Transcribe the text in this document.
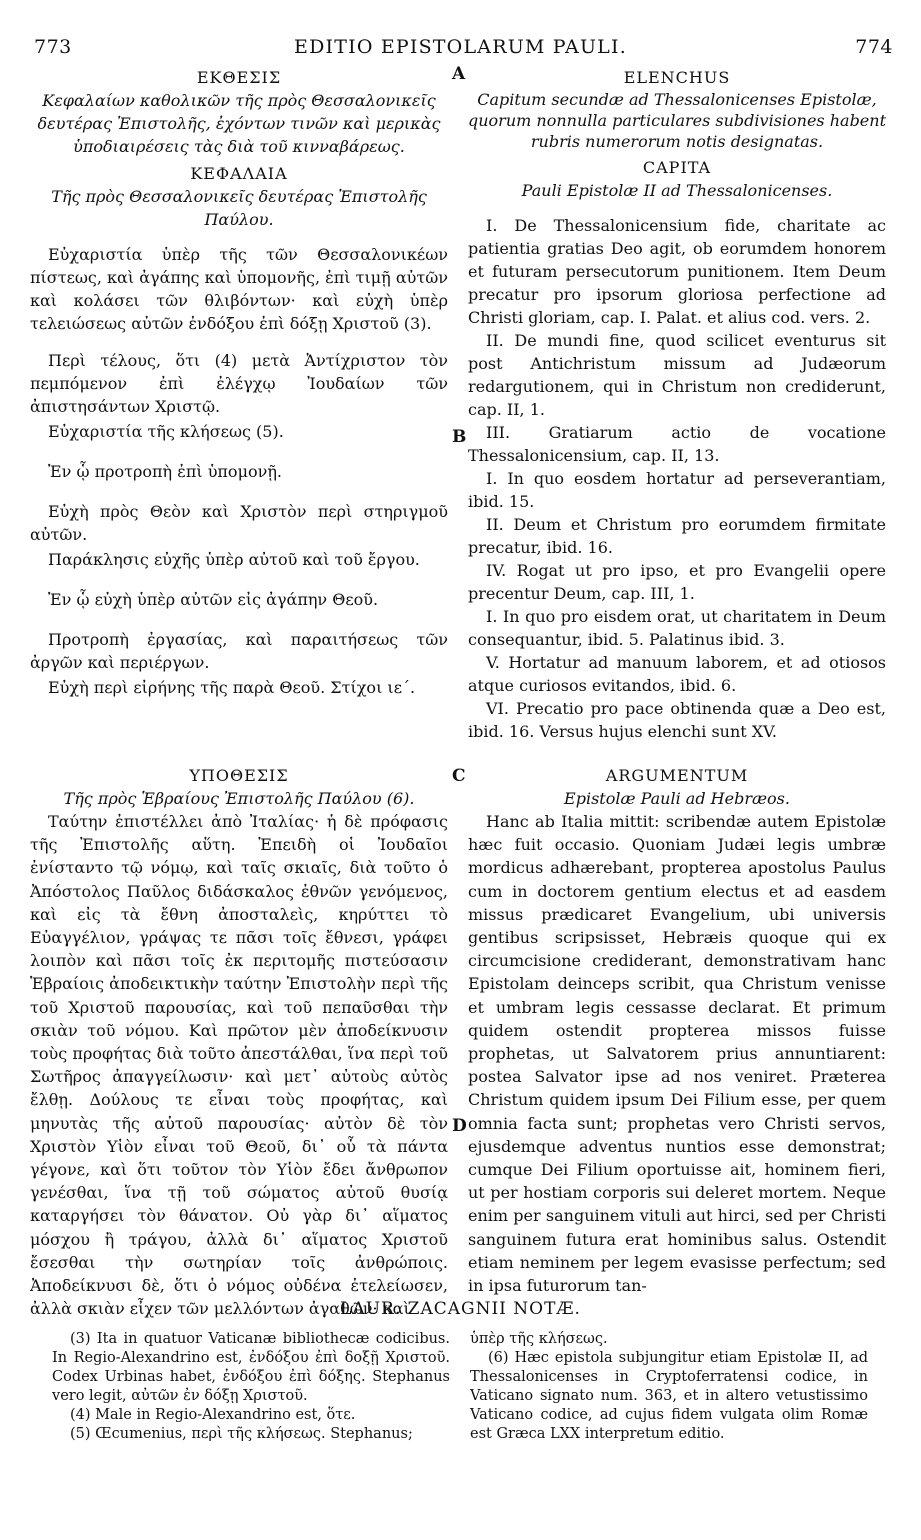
773	EDITIO EPISTOLARUM PAULI.	774
A
B
C
D

ΕΚΘΕΣΙΣ

Κεφαλαίων καθολικῶν τῆς πρὸς Θεσσαλονικεῖς δευτέρας Ἐπιστολῆς, ἐχόντων τινῶν καὶ μερικὰς ὑποδιαιρέσεις τὰς διὰ τοῦ κινναβάρεως.

ΚΕΦΑΛΑΙΑ

Τῆς πρὸς Θεσσαλονικεῖς δευτέρας Ἐπιστολῆς Παύλου.

Εὐχαριστία ὑπὲρ τῆς τῶν Θεσσαλονικέων πίστεως, καὶ ἀγάπης καὶ ὑπομονῆς, ἐπὶ τιμῇ αὐτῶν καὶ κολάσει τῶν θλιβόντων· καὶ εὐχὴ ὑπὲρ τελειώσεως αὐτῶν ἐνδόξου ἐπὶ δόξῃ Χριστοῦ (3).

Περὶ τέλους, ὅτι (4) μετὰ Ἀντίχριστον τὸν πεμπόμενον ἐπὶ ἐλέγχῳ Ἰουδαίων τῶν ἀπιστησάντων Χριστῷ.

Εὐχαριστία τῆς κλήσεως (5).

Ἐν ᾧ προτροπὴ ἐπὶ ὑπομονῇ.

Εὐχὴ πρὸς Θεὸν καὶ Χριστὸν περὶ στηριγμοῦ αὐτῶν.

Παράκλησις εὐχῆς ὑπὲρ αὐτοῦ καὶ τοῦ ἔργου.

Ἐν ᾧ εὐχὴ ὑπὲρ αὐτῶν εἰς ἀγάπην Θεοῦ.

Προτροπὴ ἐργασίας, καὶ παραιτήσεως τῶν ἀργῶν καὶ περιέργων.

Εὐχὴ περὶ εἰρήνης τῆς παρὰ Θεοῦ. Στίχοι ιε΄.

ΥΠΟΘΕΣΙΣ

Τῆς πρὸς Ἑβραίους Ἐπιστολῆς Παύλου (6).

Ταύτην ἐπιστέλλει ἀπὸ Ἰταλίας· ἡ δὲ πρόφασις τῆς Ἐπιστολῆς αὕτη. Ἐπειδὴ οἱ Ἰουδαῖοι ἐνίσταντο τῷ νόμῳ, καὶ ταῖς σκιαῖς, διὰ τοῦτο ὁ Ἀπόστολος Παῦλος διδάσκαλος ἐθνῶν γενόμενος, καὶ εἰς τὰ ἔθνη ἀποσταλεὶς, κηρύττει τὸ Εὐαγγέλιον, γράψας τε πᾶσι τοῖς ἔθνεσι, γράφει λοιπὸν καὶ πᾶσι τοῖς ἐκ περιτομῆς πιστεύσασιν Ἑβραίοις ἀποδεικτικὴν ταύτην Ἐπιστολὴν περὶ τῆς τοῦ Χριστοῦ παρουσίας, καὶ τοῦ πεπαῦσθαι τὴν σκιὰν τοῦ νόμου. Καὶ πρῶτον μὲν ἀποδείκνυσιν τοὺς προφήτας διὰ τοῦτο ἀπεστάλθαι, ἵνα περὶ τοῦ Σωτῆρος ἀπαγγείλωσιν· καὶ μετ᾽ αὐτοὺς αὐτὸς ἔλθῃ. Δούλους τε εἶναι τοὺς προφήτας, καὶ μηνυτὰς τῆς αὐτοῦ παρουσίας· αὐτὸν δὲ τὸν Χριστὸν Υἱὸν εἶναι τοῦ Θεοῦ, δι᾽ οὗ τὰ πάντα γέγονε, καὶ ὅτι τοῦτον τὸν Υἱὸν ἔδει ἄνθρωπον γενέσθαι, ἵνα τῇ τοῦ σώματος αὐτοῦ θυσίᾳ καταργήσει τὸν θάνατον. Οὐ γὰρ δι᾽ αἵματος μόσχου ἢ τράγου, ἀλλὰ δι᾽ αἵματος Χριστοῦ ἔσεσθαι τὴν σωτηρίαν τοῖς ἀνθρώποις. Ἀποδείκνυσι δὲ, ὅτι ὁ νόμος οὐδένα ἐτελείωσεν, ἀλλὰ σκιὰν εἶχεν τῶν μελλόντων ἀγαθῶν· καὶ

ELENCHUS

Capitum secundæ ad Thessalonicenses Epistolæ, quorum nonnulla particulares subdivisiones habent rubris numerorum notis designatas.

CAPITA

Pauli Epistolæ II ad Thessalonicenses.

I. De Thessalonicensium fide, charitate ac patientia gratias Deo agit, ob eorumdem honorem et futuram persecutorum punitionem. Item Deum precatur pro ipsorum gloriosa perfectione ad Christi gloriam, cap. I. Palat. et alius cod. vers. 2.

II. De mundi fine, quod scilicet eventurus sit post Antichristum missum ad Judæorum redargutionem, qui in Christum non crediderunt, cap. II, 1.

III. Gratiarum actio de vocatione Thessalonicensium, cap. II, 13.

I. In quo eosdem hortatur ad perseverantiam, ibid. 15.

II. Deum et Christum pro eorumdem firmitate precatur, ibid. 16.

IV. Rogat ut pro ipso, et pro Evangelii opere precentur Deum, cap. III, 1.

I. In quo pro eisdem orat, ut charitatem in Deum consequantur, ibid. 5. Palatinus ibid. 3.

V. Hortatur ad manuum laborem, et ad otiosos atque curiosos evitandos, ibid. 6.

VI. Precatio pro pace obtinenda quæ a Deo est, ibid. 16. Versus hujus elenchi sunt XV.

ARGUMENTUM

Epistolæ Pauli ad Hebræos.

Hanc ab Italia mittit: scribendæ autem Epistolæ hæc fuit occasio. Quoniam Judæi legis umbræ mordicus adhærebant, propterea apostolus Paulus cum in doctorem gentium electus et ad easdem missus prædicaret Evangelium, ubi universis gentibus scripsisset, Hebræis quoque qui ex circumcisione crediderant, demonstrativam hanc Epistolam deinceps scribit, qua Christum venisse et umbram legis cessasse declarat. Et primum quidem ostendit propterea missos fuisse prophetas, ut Salvatorem prius annuntiarent: postea Salvator ipse ad nos veniret. Præterea Christum quidem ipsum Dei Filium esse, per quem omnia facta sunt; prophetas vero Christi servos, ejusdemque adventus nuntios esse demonstrat; cumque Dei Filium oportuisse ait, hominem fieri, ut per hostiam corporis sui deleret mortem. Neque enim per sanguinem vituli aut hirci, sed per Christi sanguinem futura erat hominibus salus. Ostendit etiam neminem per legem evasisse perfectum; sed in ipsa futurorum tan-

LAUR. ZACAGNII NOTÆ.

(3) Ita in quatuor Vaticanæ bibliothecæ codicibus. In Regio-Alexandrino est, ἐνδόξου ἐπὶ δοξῇ Χριστοῦ. Codex Urbinas habet, ἐνδόξου ἐπὶ δόξης. Stephanus vero legit, αὐτῶν ἐν δόξῃ Χριστοῦ.

(4) Male in Regio-Alexandrino est, ὅτε.

(5) Œcumenius, περὶ τῆς κλήσεως. Stephanus;

ὑπὲρ τῆς κλήσεως.

(6) Hæc epistola subjungitur etiam Epistolæ II, ad Thessalonicenses in Cryptoferratensi codice, in Vaticano signato num. 363, et in altero vetustissimo Vaticano codice, ad cujus fidem vulgata olim Romæ est Græca LXX interpretum editio.
